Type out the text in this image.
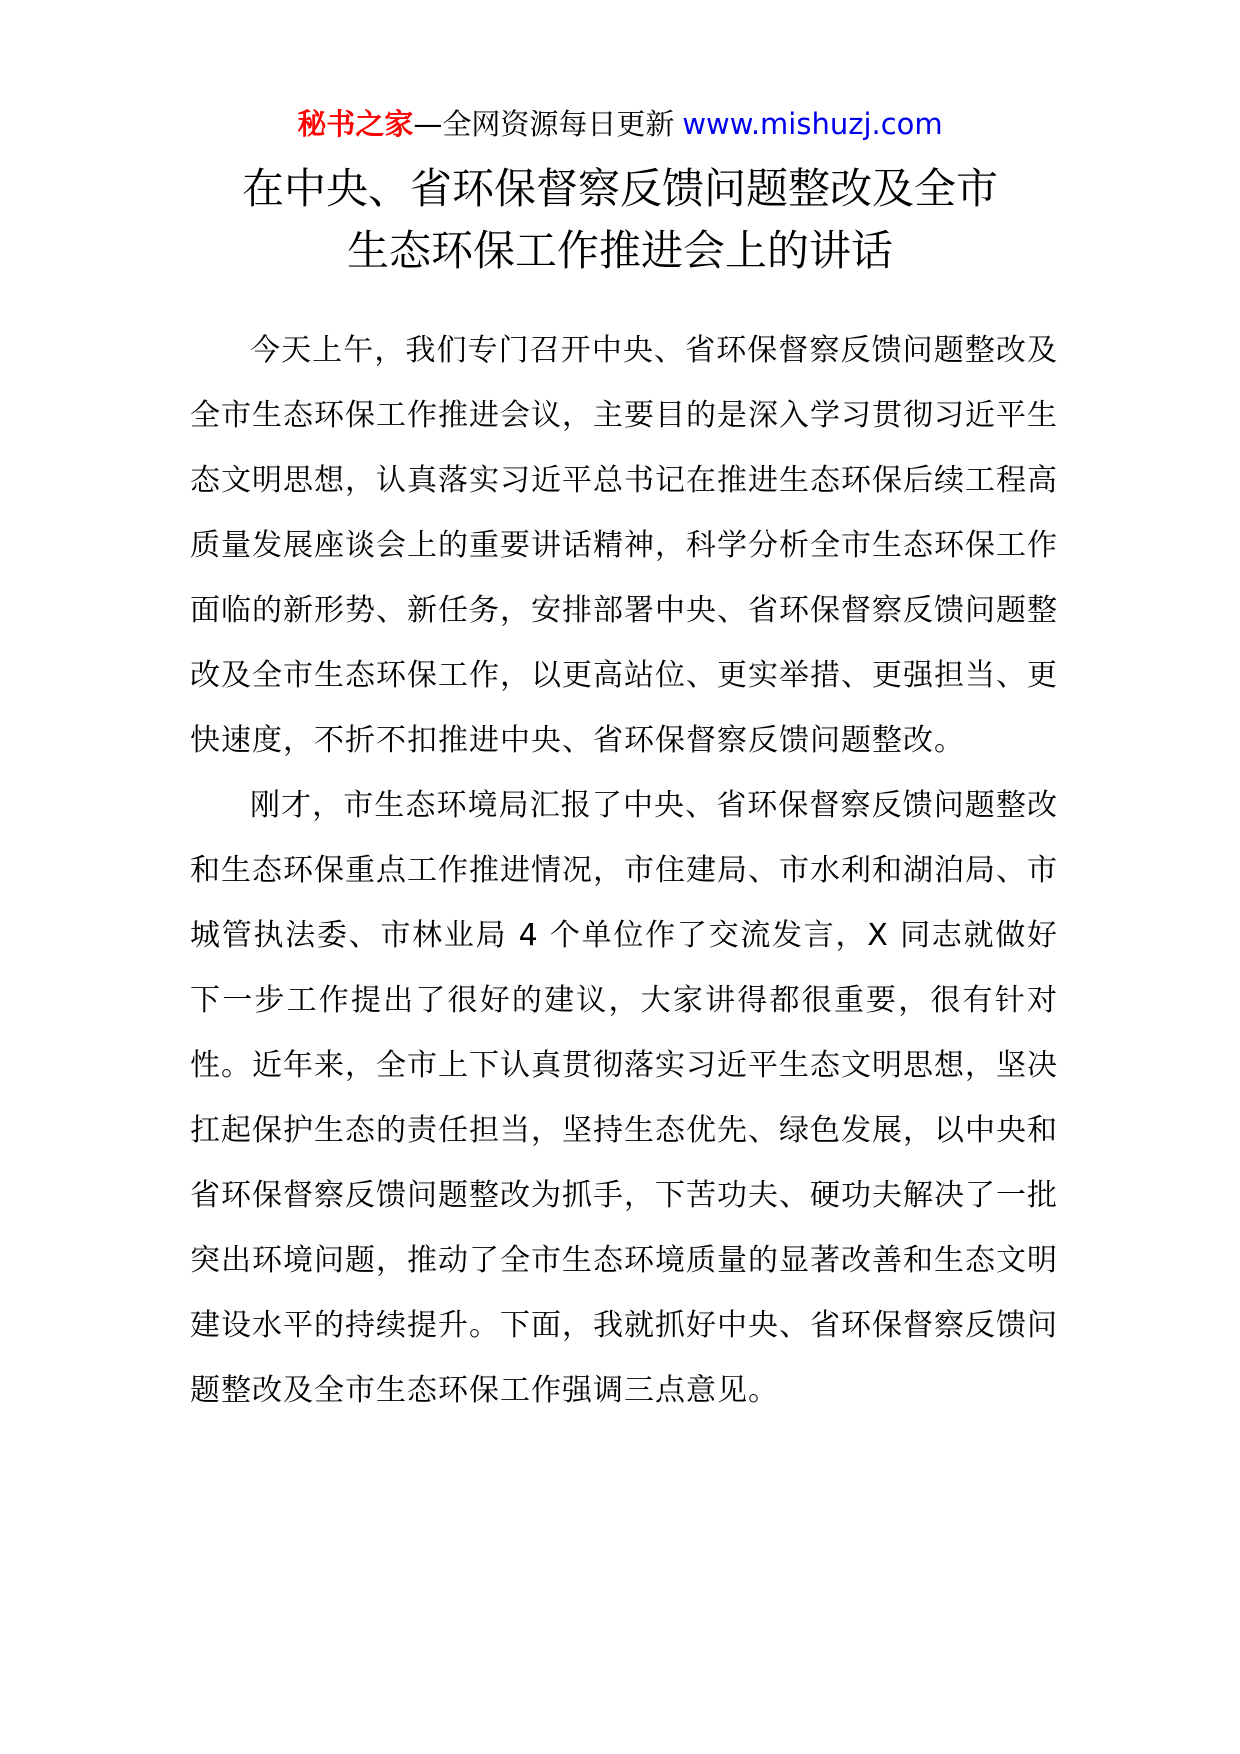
秘书之家—全网资源每日更新 www.mishuzj.com
在中央、省环保督察反馈问题整改及全市
生态环保工作推进会上的讲话

今天上午，我们专门召开中央、省环保督察反馈问题整改及全市生态环保工作推进会议，主要目的是深入学习贯彻习近平生态文明思想，认真落实习近平总书记在推进生态环保后续工程高质量发展座谈会上的重要讲话精神，科学分析全市生态环保工作面临的新形势、新任务，安排部署中央、省环保督察反馈问题整改及全市生态环保工作，以更高站位、更实举措、更强担当、更快速度，不折不扣推进中央、省环保督察反馈问题整改。

刚才，市生态环境局汇报了中央、省环保督察反馈问题整改和生态环保重点工作推进情况，市住建局、市水利和湖泊局、市城管执法委、市林业局 4 个单位作了交流发言，X 同志就做好下一步工作提出了很好的建议，大家讲得都很重要，很有针对性。近年来，全市上下认真贯彻落实习近平生态文明思想，坚决扛起保护生态的责任担当，坚持生态优先、绿色发展，以中央和省环保督察反馈问题整改为抓手，下苦功夫、硬功夫解决了一批突出环境问题，推动了全市生态环境质量的显著改善和生态文明建设水平的持续提升。下面，我就抓好中央、省环保督察反馈问题整改及全市生态环保工作强调三点意见。
